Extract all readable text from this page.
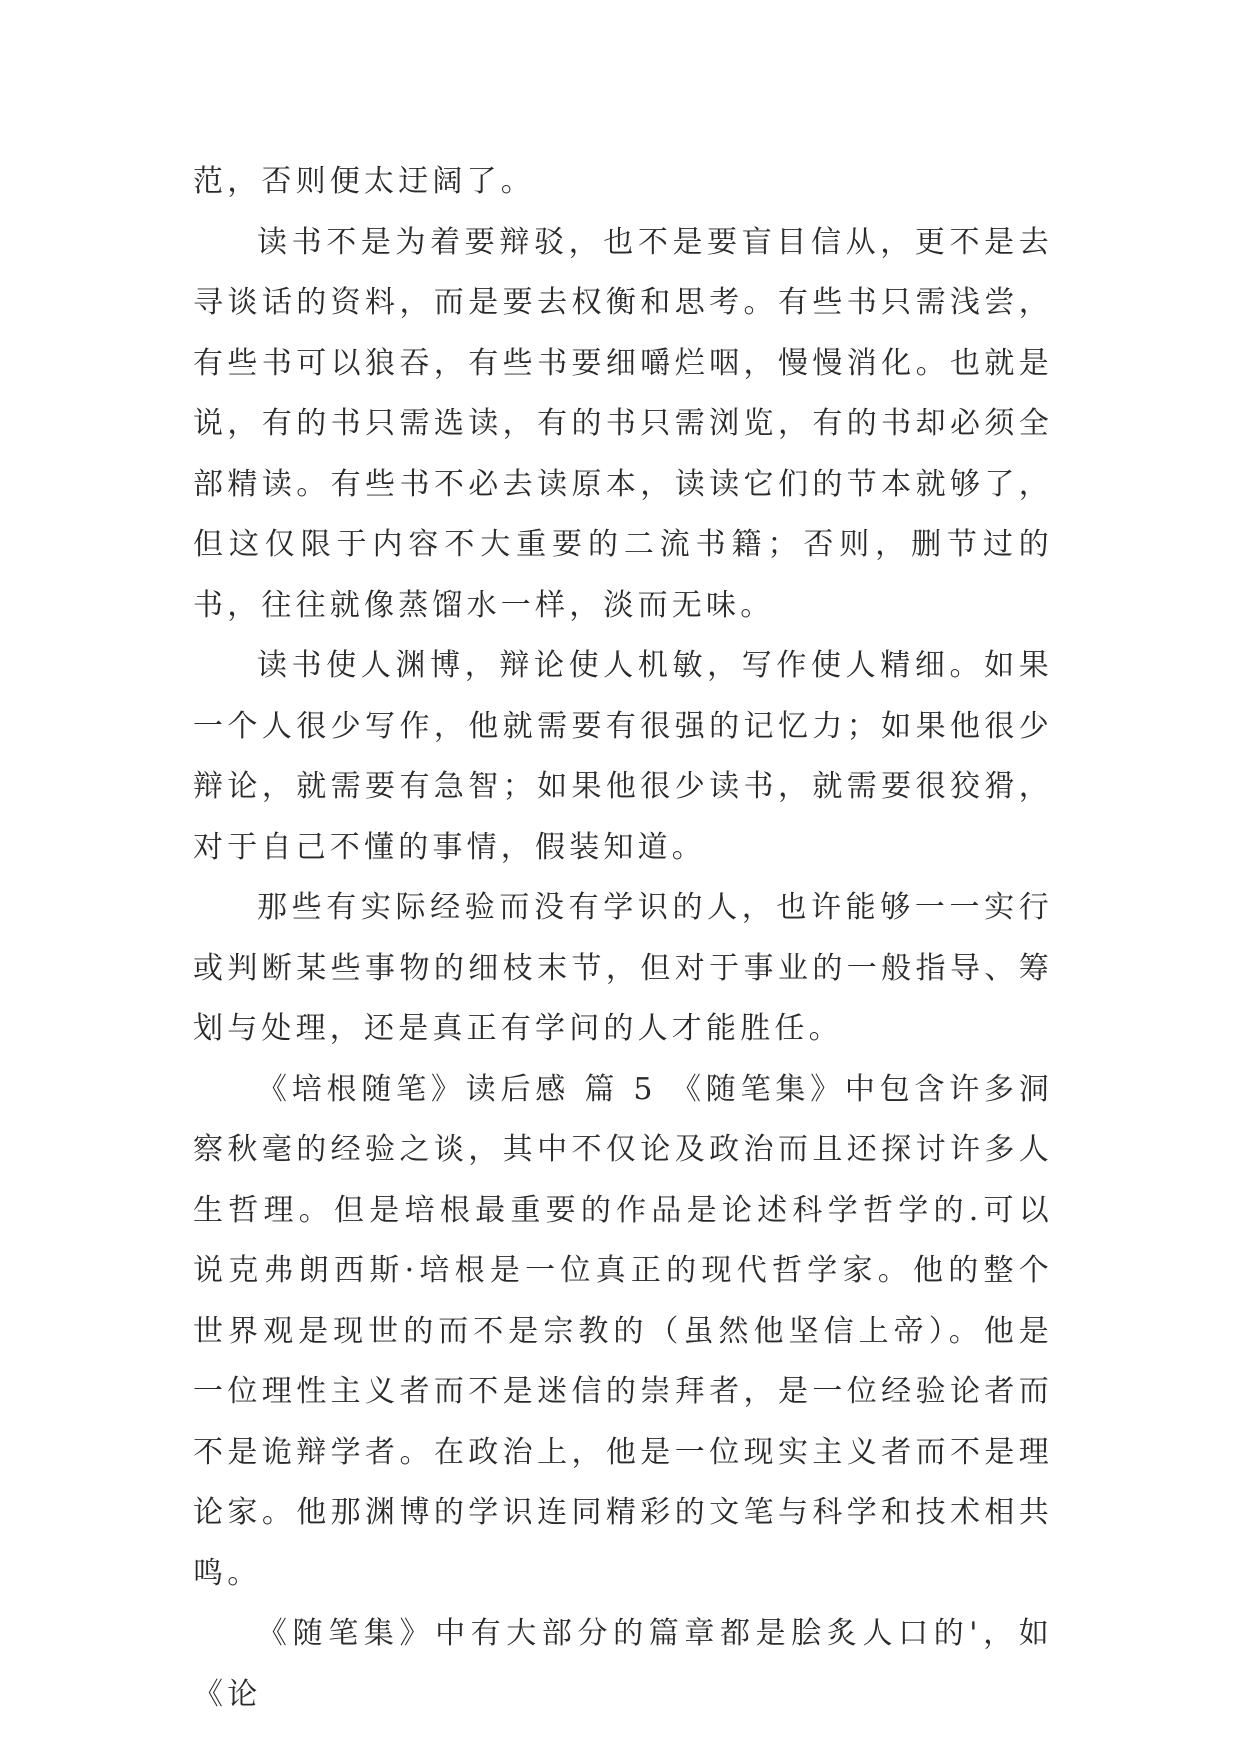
范，否则便太迂阔了。

读书不是为着要辩驳，也不是要盲目信从，更不是去寻谈话的资料，而是要去权衡和思考。有些书只需浅尝，有些书可以狼吞，有些书要细嚼烂咽，慢慢消化。也就是说，有的书只需选读，有的书只需浏览，有的书却必须全部精读。有些书不必去读原本，读读它们的节本就够了，但这仅限于内容不大重要的二流书籍；否则，删节过的书，往往就像蒸馏水一样，淡而无味。

读书使人渊博，辩论使人机敏，写作使人精细。如果一个人很少写作，他就需要有很强的记忆力；如果他很少辩论，就需要有急智；如果他很少读书，就需要很狡猾，对于自己不懂的事情，假装知道。

那些有实际经验而没有学识的人，也许能够一一实行或判断某些事物的细枝末节，但对于事业的一般指导、筹划与处理，还是真正有学问的人才能胜任。

《培根随笔》读后感 篇 5 《随笔集》中包含许多洞察秋毫的经验之谈，其中不仅论及政治而且还探讨许多人生哲理。但是培根最重要的作品是论述科学哲学的.可以说克弗朗西斯·培根是一位真正的现代哲学家。他的整个世界观是现世的而不是宗教的（虽然他坚信上帝）。他是一位理性主义者而不是迷信的崇拜者，是一位经验论者而不是诡辩学者。在政治上，他是一位现实主义者而不是理论家。他那渊博的学识连同精彩的文笔与科学和技术相共鸣。

《随笔集》中有大部分的篇章都是脍炙人口的'，如《论
